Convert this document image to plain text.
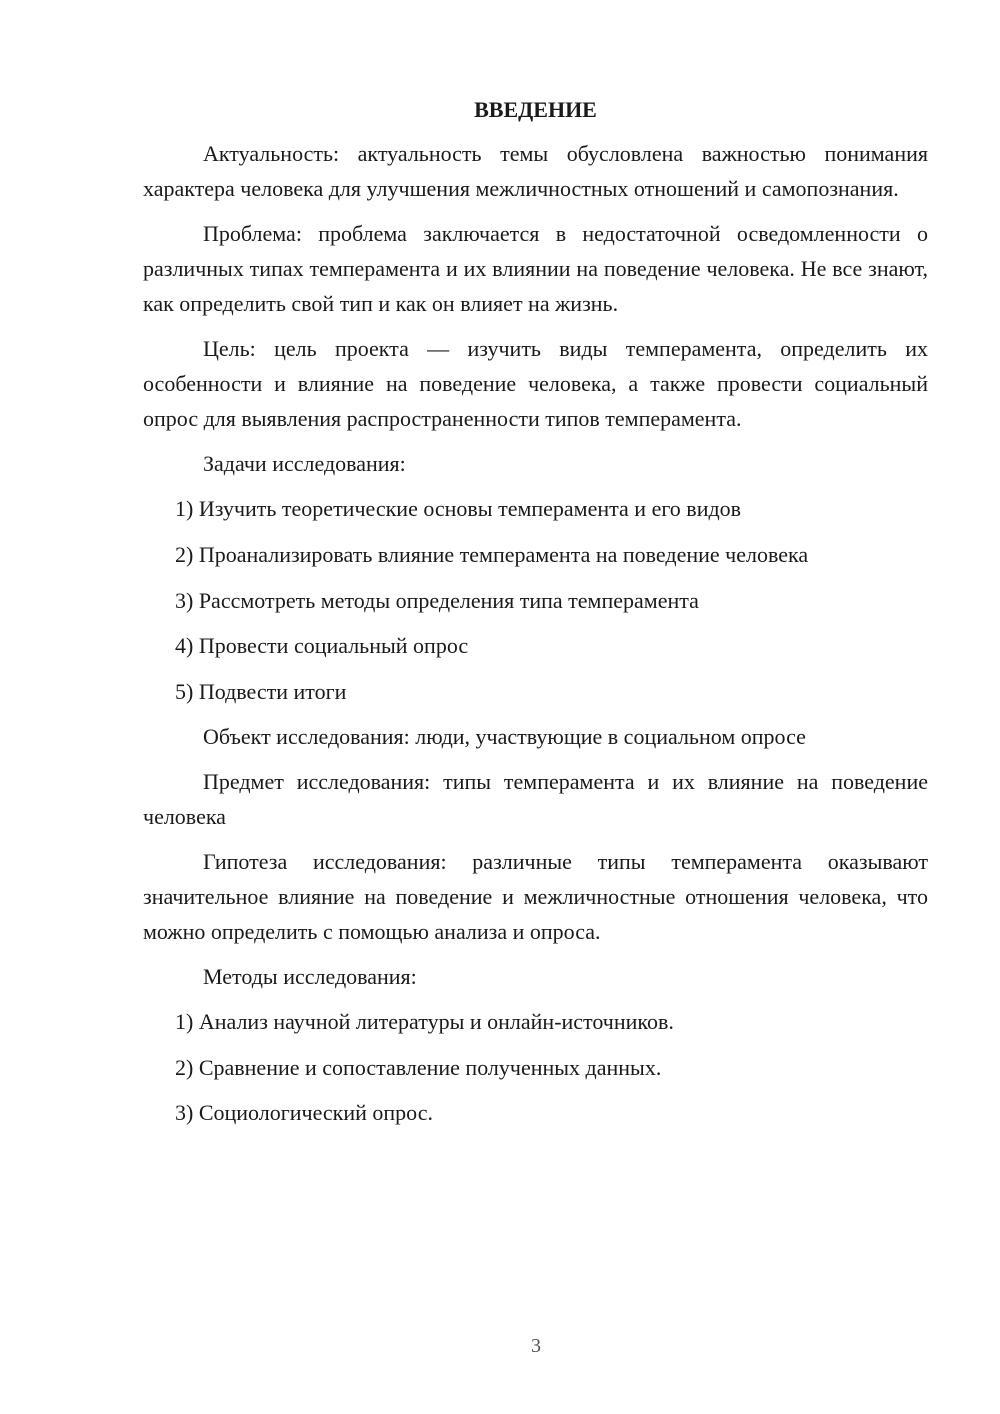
ВВЕДЕНИЕ

Актуальность: актуальность темы обусловлена важностью понимания характера человека для улучшения межличностных отношений и самопознания.

Проблема: проблема заключается в недостаточной осведомленности о различных типах темперамента и их влиянии на поведение человека. Не все знают, как определить свой тип и как он влияет на жизнь.

Цель: цель проекта — изучить виды темперамента, определить их особенности и влияние на поведение человека, а также провести социальный опрос для выявления распространенности типов темперамента.

Задачи исследования:
1) Изучить теоретические основы темперамента и его видов
2) Проанализировать влияние темперамента на поведение человека
3) Рассмотреть методы определения типа темперамента
4) Провести социальный опрос
5) Подвести итоги

Объект исследования: люди, участвующие в социальном опросе

Предмет исследования: типы темперамента и их влияние на поведение человека

Гипотеза исследования: различные типы темперамента оказывают значительное влияние на поведение и межличностные отношения человека, что можно определить с помощью анализа и опроса.

Методы исследования:
1) Анализ научной литературы и онлайн-источников.
2) Сравнение и сопоставление полученных данных.
3) Социологический опрос.
3
